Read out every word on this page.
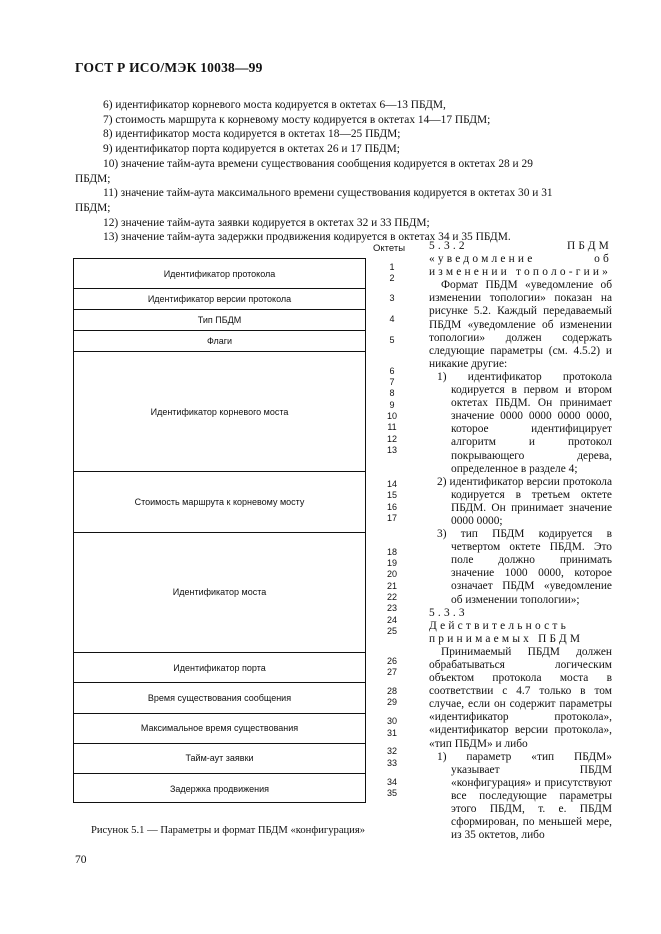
ГОСТ Р ИСО/МЭК 10038—99
6) идентификатор корневого моста кодируется в октетах 6—13 ПБДМ,
7) стоимость маршрута к корневому мосту кодируется в октетах 14—17 ПБДМ;
8) идентификатор моста кодируется в октетах 18—25 ПБДМ;
9) идентификатор порта кодируется в октетах 26 и 17 ПБДМ;
10) значение тайм-аута времени существования сообщения кодируется в октетах 28 и 29
ПБДМ;
11) значение тайм-аута максимального времени существования кодируется в октетах 30 и 31
ПБДМ;
12) значение тайм-аута заявки кодируется в октетах 32 и 33 ПБДМ;
13) значение тайм-аута задержки продвижения кодируется в октетах 34 и 35 ПБДМ.
Октеты
Идентификатор протокола
Идентификатор версии протокола
Тип ПБДМ
Флаги
Идентификатор корневого моста
Стоимость маршрута к корневому мосту
Идентификатор моста
Идентификатор порта
Время существования сообщения
Максимальное время существования
Тайм-аут заявки
Задержка продвижения
1
2
3
4
5
6
7
8
9
10
11
12
13
14
15
16
17
18
19
20
21
22
23
24
25
26
27
28
29
30
31
32
33
34
35
Рисунок 5.1 — Параметры и формат ПБДМ «конфигурация»

5.3.2 ПБДМ «уведомление об изменении тополо-гии»

Формат ПБДМ «уведомление об изменении топологии» показан на рисунке 5.2. Каждый передаваемый ПБДМ «уведомление об изменении топологии» должен содержать следующие параметры (см. 4.5.2) и никакие другие:

1) идентификатор протокола кодируется в первом и втором октетах ПБДМ. Он принимает значение 0000 0000 0000 0000, которое идентифицирует алгоритм и протокол покрывающего дерева, определенное в разделе 4;

2) идентификатор версии протокола кодируется в третьем октете ПБДМ. Он принимает значение 0000 0000;

3) тип ПБДМ кодируется в четвертом октете ПБДМ. Это поле должно принимать значение 1000 0000, которое означает ПБДМ «уведомление об изменении топологии»;

5.3.3 Действительность принимаемых ПБДМ

Принимаемый ПБДМ должен обрабатываться логическим объектом протокола моста в соответствии с 4.7 только в том случае, если он содержит параметры «идентификатор протокола», «идентификатор версии протокола», «тип ПБДМ» и либо

1) параметр «тип ПБДМ» указывает ПБДМ «конфигурация» и присутствуют все последующие параметры этого ПБДМ, т. е. ПБДМ сформирован, по меньшей мере, из 35 октетов, либо

70
